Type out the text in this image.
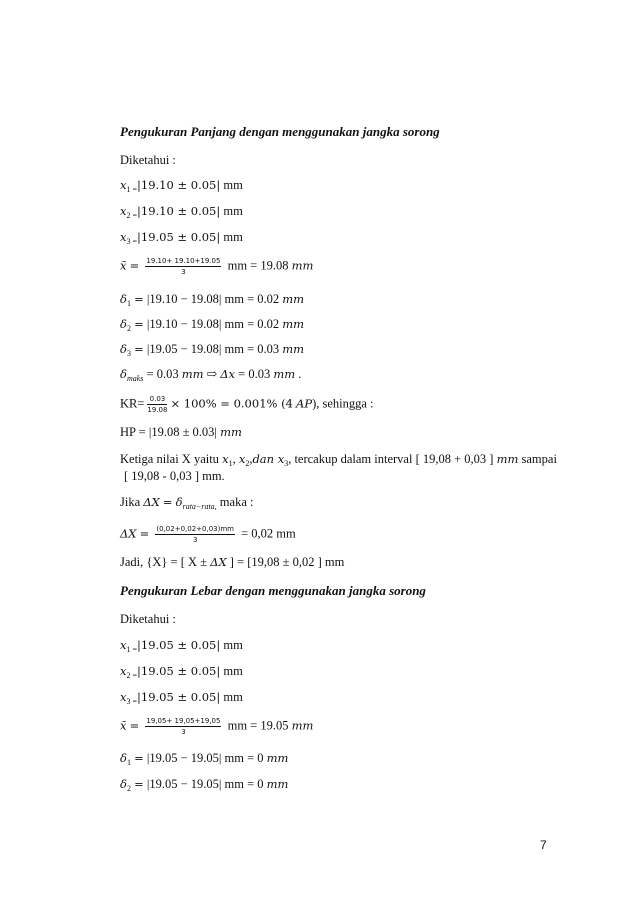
Pengukuran Panjang dengan menggunakan jangka sorong
Diketahui :
$x_{1 =}|19.10 \pm 0.05|$ mm
$x_{2 =}|19.10 \pm 0.05|$ mm
$x_{3 =}|19.05 \pm 0.05|$ mm
x̄ = $\frac{19.10+ 19.10+19.05}{3}$ mm = 19.08 mm
$\delta_1 = |19.10 - 19.08|$ mm = 0.02 mm
$\delta_2 = |19.10 - 19.08|$ mm = 0.02 mm
$\delta_3 = |19.05 - 19.08|$ mm = 0.03 mm
$\delta_{maks} = 0.03$ mm ⇨ Δx = 0.03 mm .
$KR= \frac{0.03}{19.08} \times 100\% = 0.001\%$ (4 AP), sehingga :
HP = |19.08 ± 0.03| mm
Ketiga nilai X yaitu $x_1$, $x_2,dan$ $x_3$, tercakup dalam interval [ 19,08 + 0,03 ] mm sampai
[ 19,08 - 0,03 ] mm.
Jika $\Delta X = \delta_{rata-rata,}$ maka :
$\Delta X = \frac{(0,02+0,02+0,03)mm}{3} = 0,02$ mm
Jadi, {X} = [ X ± ΔX ] = [19,08 ± 0,02 ] mm
Pengukuran Lebar dengan menggunakan jangka sorong
Diketahui :
$x_{1 =}|19.05 \pm 0.05|$ mm
$x_{2 =}|19.05 \pm 0.05|$ mm
$x_{3 =}|19.05 \pm 0.05|$ mm
x̄ = $\frac{19,05+ 19,05+19,05}{3}$ mm = 19.05 mm
$\delta_1 = |19.05 - 19.05|$ mm = 0 mm
$\delta_2 = |19.05 - 19.05|$ mm = 0 mm
7
